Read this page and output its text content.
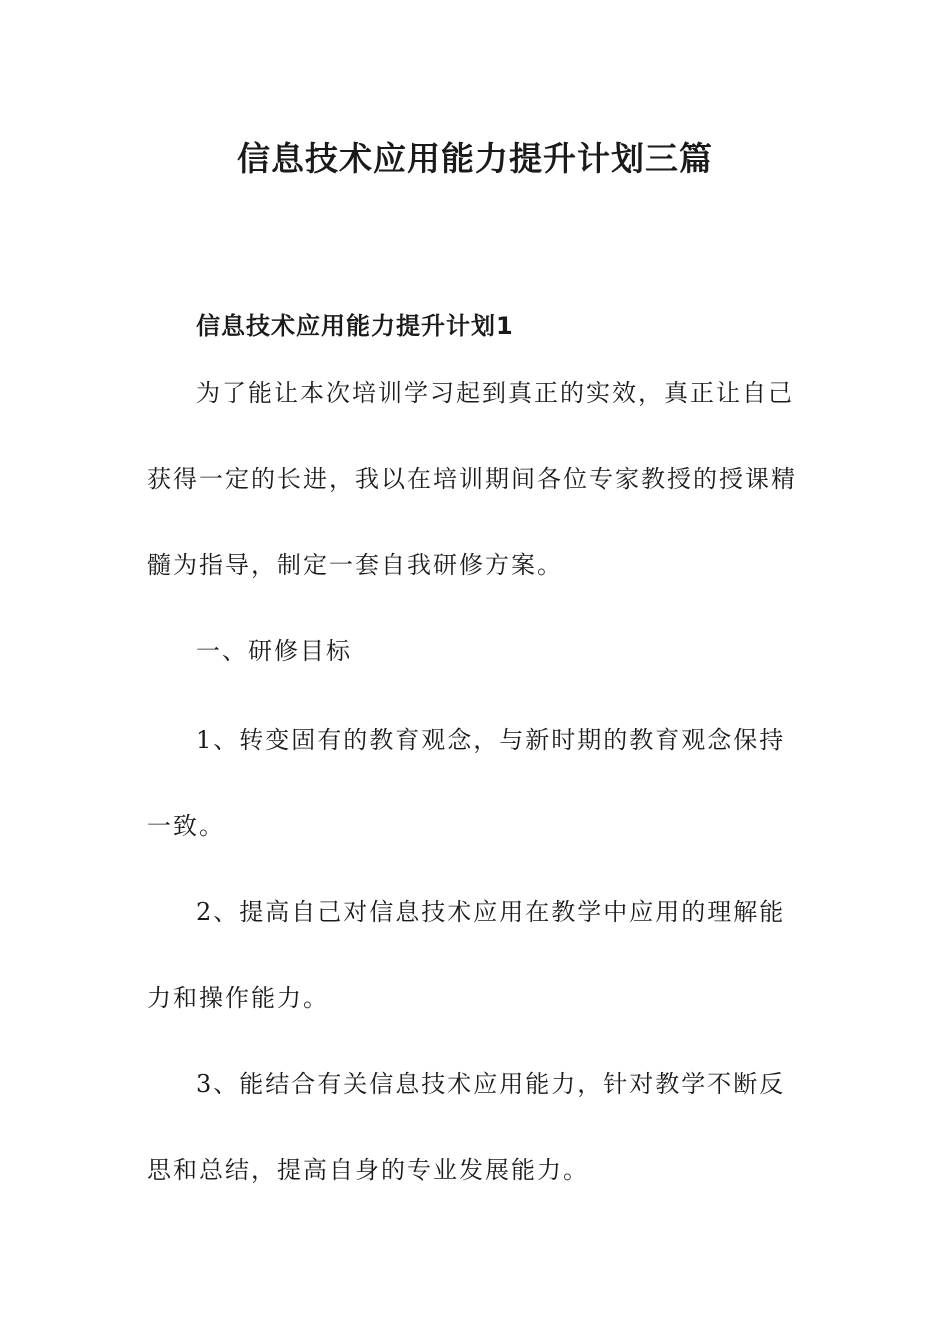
信息技术应用能力提升计划三篇
信息技术应用能力提升计划1

为了能让本次培训学习起到真正的实效，真正让自己获得一定的长进，我以在培训期间各位专家教授的授课精髓为指导，制定一套自我研修方案。

一、研修目标

1、转变固有的教育观念，与新时期的教育观念保持一致。

2、提高自己对信息技术应用在教学中应用的理解能力和操作能力。

3、能结合有关信息技术应用能力，针对教学不断反思和总结，提高自身的专业发展能力。
